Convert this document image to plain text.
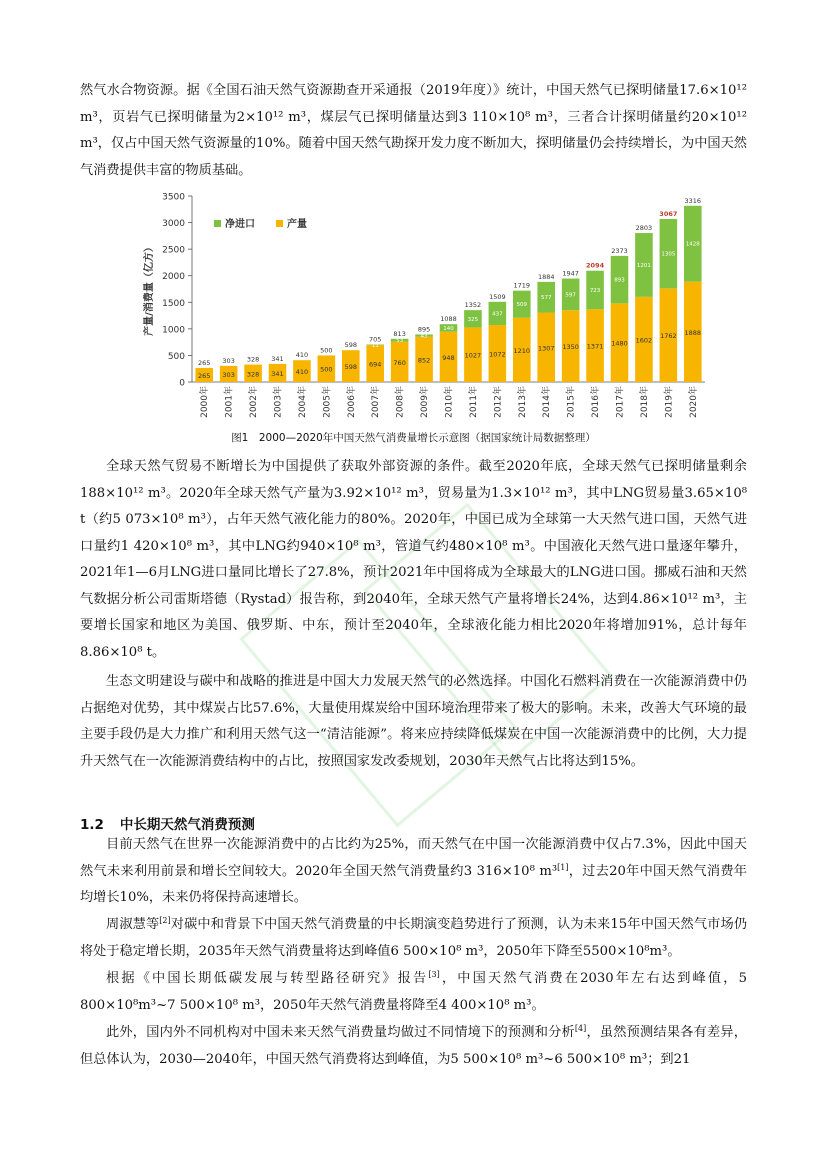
然气水合物资源。据《全国石油天然气资源勘查开采通报（2019年度）》统计，中国天然气已探明储量17.6×10¹² m³，页岩气已探明储量为2×10¹² m³，煤层气已探明储量达到3 110×10⁸ m³，三者合计探明储量约20×10¹² m³，仅占中国天然气资源量的10%。随着中国天然气勘探开发力度不断加大，探明储量仍会持续增长，为中国天然气消费提供丰富的物质基础。

0
500
1000
1500
2000
2500
3000
3500
产量/消费量（亿方）
265
265
2000年
303
303
2001年
328
328
2002年
341
341
2003年
410
410
2004年
500
500
2005年
598
598
2006年
11
694
705
2007年
53
760
813
2008年
43
852
895
2009年
140
948
1088
2010年
325
1027
1352
2011年
437
1072
1509
2012年
509
1210
1719
2013年
577
1307
1884
2014年
597
1350
1947
2015年
723
1371
2094
2016年
893
1480
2373
2017年
1201
1602
2803
2018年
1305
1762
3067
2019年
1428
1888
3316
2020年
净进口	产量
图1　2000—2020年中国天然气消费量增长示意图（据国家统计局数据整理）

全球天然气贸易不断增长为中国提供了获取外部资源的条件。截至2020年底，全球天然气已探明储量剩余188×10¹² m³。2020年全球天然气产量为3.92×10¹² m³，贸易量为1.3×10¹² m³，其中LNG贸易量3.65×10⁸ t（约5 073×10⁸ m³），占年天然气液化能力的80%。2020年，中国已成为全球第一大天然气进口国，天然气进口量约1 420×10⁸ m³，其中LNG约940×10⁸ m³，管道气约480×10⁸ m³。中国液化天然气进口量逐年攀升，2021年1—6月LNG进口量同比增长了27.8%，预计2021年中国将成为全球最大的LNG进口国。挪威石油和天然气数据分析公司雷斯塔德（Rystad）报告称，到2040年，全球天然气产量将增长24%，达到4.86×10¹² m³，主要增长国家和地区为美国、俄罗斯、中东，预计至2040年，全球液化能力相比2020年将增加91%，总计每年8.86×10⁸ t。

生态文明建设与碳中和战略的推进是中国大力发展天然气的必然选择。中国化石燃料消费在一次能源消费中仍占据绝对优势，其中煤炭占比57.6%，大量使用煤炭给中国环境治理带来了极大的影响。未来，改善大气环境的最主要手段仍是大力推广和利用天然气这一“清洁能源”。将来应持续降低煤炭在中国一次能源消费中的比例，大力提升天然气在一次能源消费结构中的占比，按照国家发改委规划，2030年天然气占比将达到15%。

1.2 中长期天然气消费预测

目前天然气在世界一次能源消费中的占比约为25%，而天然气在中国一次能源消费中仅占7.3%，因此中国天然气未来利用前景和增长空间较大。2020年全国天然气消费量约3 316×10⁸ m³[1]，过去20年中国天然气消费年均增长10%，未来仍将保持高速增长。

周淑慧等[2]对碳中和背景下中国天然气消费量的中长期演变趋势进行了预测，认为未来15年中国天然气市场仍将处于稳定增长期，2035年天然气消费量将达到峰值6 500×10⁸ m³，2050年下降至5500×10⁸m³。

根据《中国长期低碳发展与转型路径研究》报告[3]，中国天然气消费在2030年左右达到峰值，5 800×10⁸m³~7 500×10⁸ m³，2050年天然气消费量将降至4 400×10⁸ m³。

此外，国内外不同机构对中国未来天然气消费量均做过不同情境下的预测和分析[4]，虽然预测结果各有差异，但总体认为，2030—2040年，中国天然气消费将达到峰值，为5 500×10⁸ m³~6 500×10⁸ m³；到21
